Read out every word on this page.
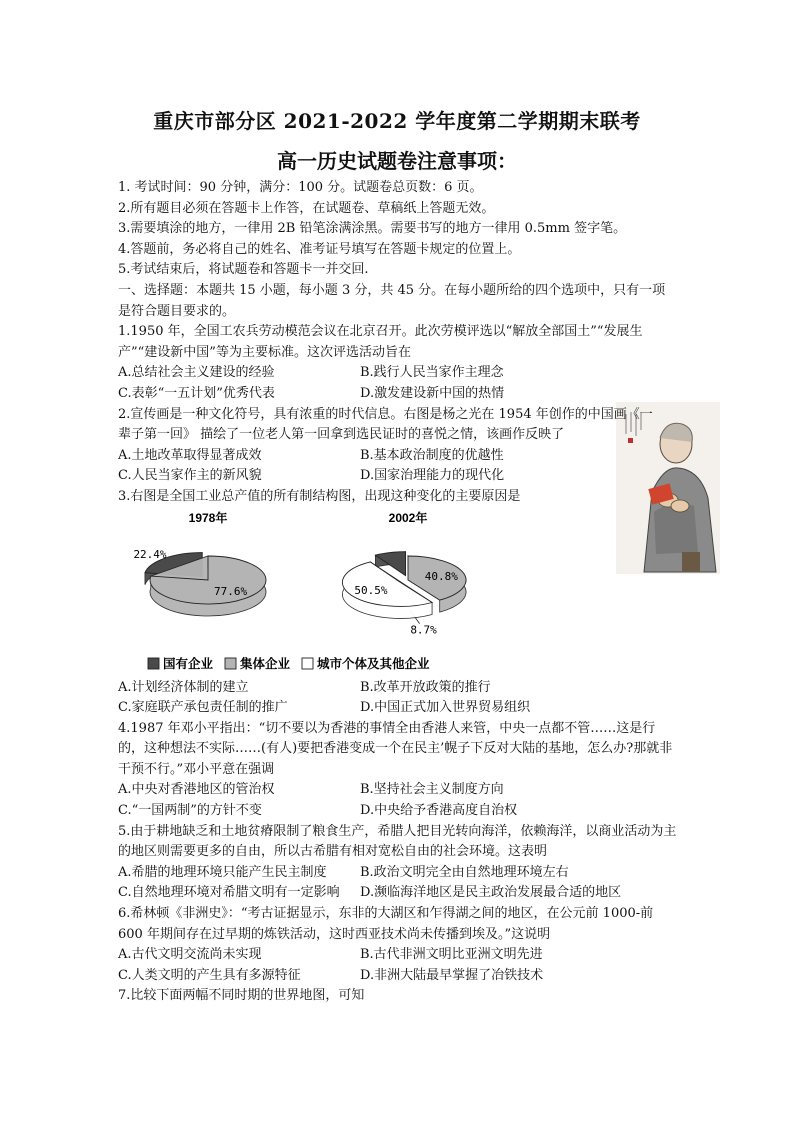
重庆市部分区 2021-2022 学年度第二学期期末联考
高一历史试题卷注意事项：
1. 考试时间：90 分钟，满分：100 分。试题卷总页数：6 页。
2.所有题目必须在答题卡上作答，在试题卷、草稿纸上答题无效。
3.需要填涂的地方，一律用 2B 铅笔涂满涂黑。需要书写的地方一律用 0.5mm 签字笔。
4.答题前，务必将自己的姓名、准考证号填写在答题卡规定的位置上。
5.考试结束后，将试题卷和答题卡一并交回.
一、选择题：本题共 15 小题，每小题 3 分，共 45 分。在每小题所给的四个选项中，只有一项是符合题目要求的。
1.1950 年，全国工农兵劳动模范会议在北京召开。此次劳模评选以“解放全部国土”“发展生产”“建设新中国”等为主要标准。这次评选活动旨在
A.总结社会主义建设的经验	B.践行人民当家作主理念
C.表彰“一五计划”优秀代表	D.激发建设新中国的热情
2.宣传画是一种文化符号，具有浓重的时代信息。右图是杨之光在 1954 年创作的中国画《一
辈子第一回》 描绘了一位老人第一回拿到选民证时的喜悦之情，该画作反映了
A.土地改革取得显著成效	B.基本政治制度的优越性
C.人民当家作主的新风貌	D.国家治理能力的现代化
3.右图是全国工业总产值的所有制结构图，出现这种变化的主要原因是
1978年
22.4%
77.6%
2002年
8.7%
40.8%
50.5%
国有企业 集体企业 城市个体及其他企业
A.计划经济体制的建立	B.改革开放政策的推行
C.家庭联产承包责任制的推广	D.中国正式加入世界贸易组织
4.1987 年邓小平指出：“切不要以为香港的事情全由香港人来管，中央一点都不管……这是行的，这种想法不实际……(有人)要把香港变成一个在民主’幌子下反对大陆的基地，怎么办?那就非干预不行。”邓小平意在强调
A.中央对香港地区的管治权	B.坚持社会主义制度方向
C.“一国两制”的方针不变	D.中央给予香港高度自治权
5.由于耕地缺乏和土地贫瘠限制了粮食生产，希腊人把目光转向海洋，依赖海洋，以商业活动为主的地区则需要更多的自由，所以古希腊有相对宽松自由的社会环境。这表明
A.希腊的地理环境只能产生民主制度	B.政治文明完全由自然地理环境左右
C.自然地理环境对希腊文明有一定影响	D.濒临海洋地区是民主政治发展最合适的地区
6.希林顿《非洲史》：“考古证据显示，东非的大湖区和乍得湖之间的地区，在公元前 1000-前 600 年期间存在过早期的炼铁活动，这时西亚技术尚未传播到埃及。”这说明
A.古代文明交流尚未实现	B.古代非洲文明比亚洲文明先进
C.人类文明的产生具有多源特征	D.非洲大陆最早掌握了冶铁技术
7.比较下面两幅不同时期的世界地图，可知
